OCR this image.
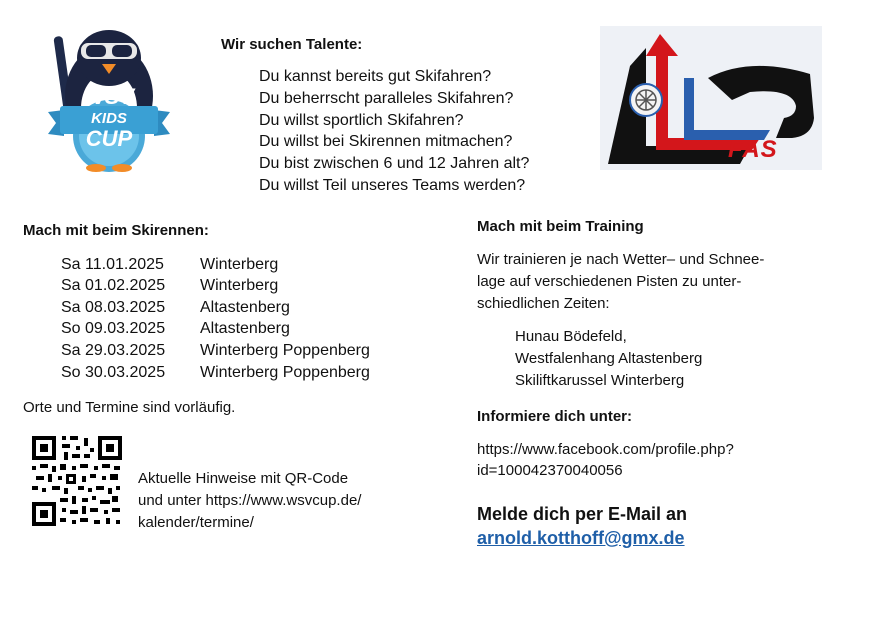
WSV
KIDS
CUP	FAS
Wir suchen Talente:
Du kannst bereits gut Skifahren?
Du beherrscht paralleles Skifahren?
Du willst sportlich Skifahren?
Du willst bei Skirennen mitmachen?
Du bist zwischen 6 und 12 Jahren alt?
Du willst Teil unseres Teams werden?
Mach mit beim Skirennen:
Sa 11.01.2025 Winterberg
Sa 01.02.2025 Winterberg
Sa 08.03.2025 Altastenberg
So 09.03.2025 Altastenberg
Sa 29.03.2025 Winterberg Poppenberg
So 30.03.2025 Winterberg Poppenberg
Orte und Termine sind vorläufig.
Aktuelle Hinweise mit QR-Code
und unter https://www.wsvcup.de/
kalender/termine/
Mach mit beim Training
Wir trainieren je nach Wetter– und Schnee-
lage auf verschiedenen Pisten zu unter-
schiedlichen Zeiten:
Hunau Bödefeld,
Westfalenhang Altastenberg
Skiliftkarussel Winterberg
Informiere dich unter:
https://www.facebook.com/profile.php?
id=100042370040056
Melde dich per E-Mail an
arnold.kotthoff@gmx.de
